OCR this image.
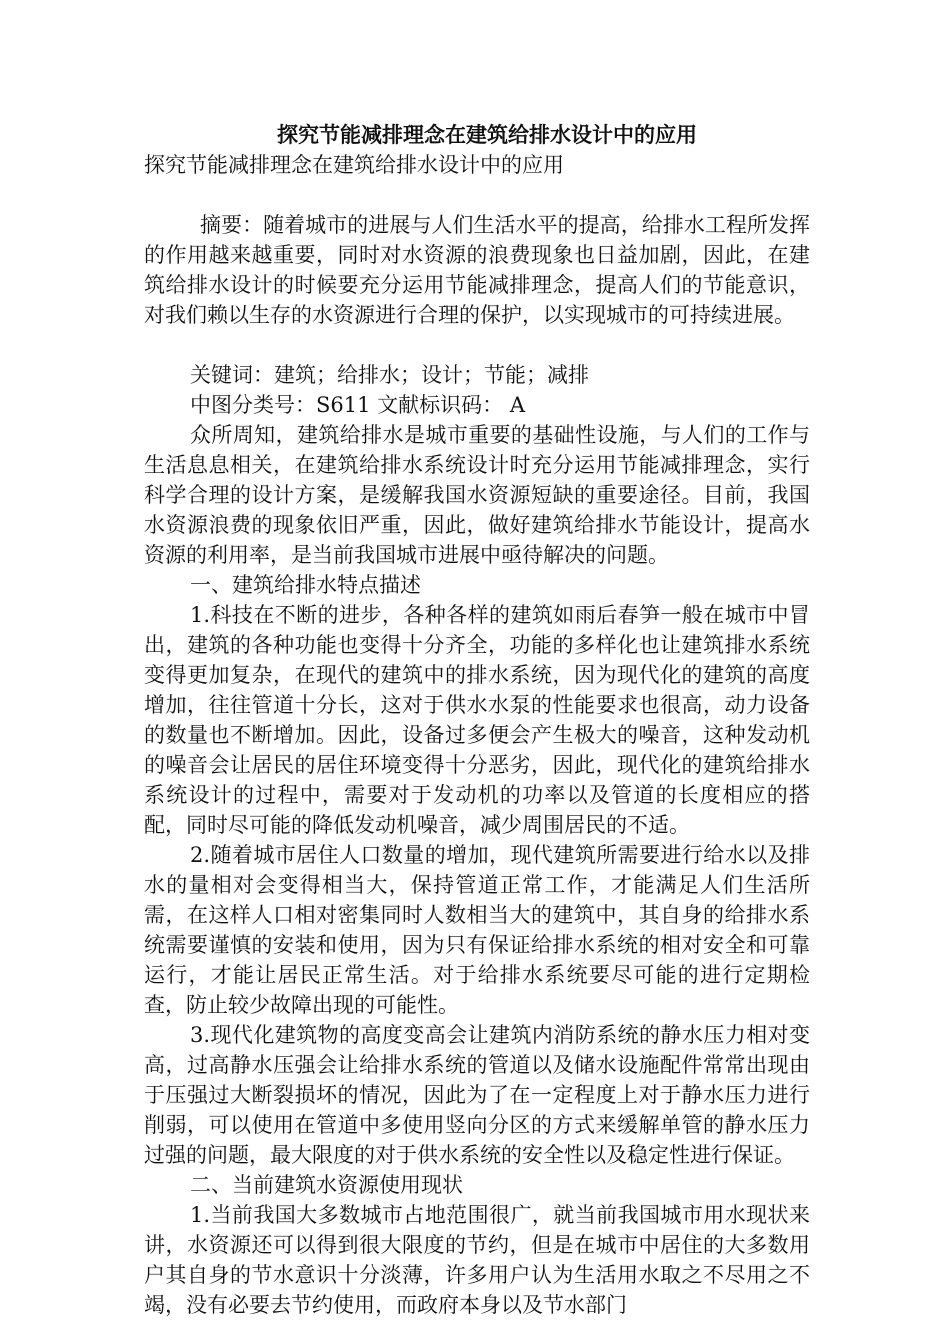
探究节能减排理念在建筑给排水设计中的应用

探究节能减排理念在建筑给排水设计中的应用

摘要：随着城市的进展与人们生活水平的提高，给排水工程所发挥的作用越来越重要，同时对水资源的浪费现象也日益加剧，因此，在建筑给排水设计的时候要充分运用节能减排理念，提高人们的节能意识，对我们赖以生存的水资源进行合理的保护，以实现城市的可持续进展。

关键词：建筑；给排水；设计；节能；减排

中图分类号：S611 文献标识码： A

众所周知，建筑给排水是城市重要的基础性设施，与人们的工作与生活息息相关，在建筑给排水系统设计时充分运用节能减排理念，实行科学合理的设计方案，是缓解我国水资源短缺的重要途径。目前，我国水资源浪费的现象依旧严重，因此，做好建筑给排水节能设计，提高水资源的利用率，是当前我国城市进展中亟待解决的问题。

一、建筑给排水特点描述

1.科技在不断的进步，各种各样的建筑如雨后春笋一般在城市中冒出，建筑的各种功能也变得十分齐全，功能的多样化也让建筑排水系统变得更加复杂，在现代的建筑中的排水系统，因为现代化的建筑的高度增加，往往管道十分长，这对于供水水泵的性能要求也很高，动力设备的数量也不断增加。因此，设备过多便会产生极大的噪音，这种发动机的噪音会让居民的居住环境变得十分恶劣，因此，现代化的建筑给排水系统设计的过程中，需要对于发动机的功率以及管道的长度相应的搭配，同时尽可能的降低发动机噪音，减少周围居民的不适。

2.随着城市居住人口数量的增加，现代建筑所需要进行给水以及排水的量相对会变得相当大，保持管道正常工作，才能满足人们生活所需，在这样人口相对密集同时人数相当大的建筑中，其自身的给排水系统需要谨慎的安装和使用，因为只有保证给排水系统的相对安全和可靠运行，才能让居民正常生活。对于给排水系统要尽可能的进行定期检查，防止较少故障出现的可能性。

3.现代化建筑物的高度变高会让建筑内消防系统的静水压力相对变高，过高静水压强会让给排水系统的管道以及储水设施配件常常出现由于压强过大断裂损坏的情况，因此为了在一定程度上对于静水压力进行削弱，可以使用在管道中多使用竖向分区的方式来缓解单管的静水压力过强的问题，最大限度的对于供水系统的安全性以及稳定性进行保证。

二、当前建筑水资源使用现状

1.当前我国大多数城市占地范围很广，就当前我国城市用水现状来讲，水资源还可以得到很大限度的节约，但是在城市中居住的大多数用户其自身的节水意识十分淡薄，许多用户认为生活用水取之不尽用之不竭，没有必要去节约使用，而政府本身以及节水部门
